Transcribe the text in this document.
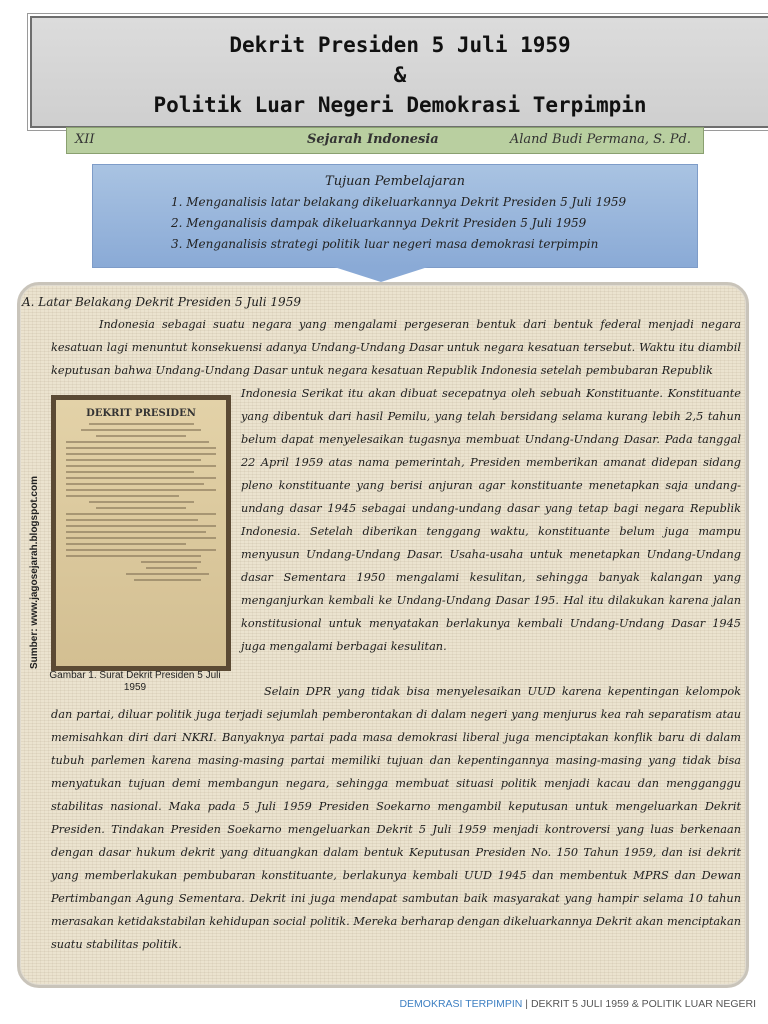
Dekrit Presiden 5 Juli 1959
&
Politik Luar Negeri Demokrasi Terpimpin
XII	Sejarah Indonesia	Aland Budi Permana, S. Pd.
Tujuan Pembelajaran
1. Menganalisis latar belakang dikeluarkannya Dekrit Presiden 5 Juli 1959
2. Menganalisis dampak dikeluarkannya Dekrit Presiden 5 Juli 1959
3. Menganalisis strategi politik luar negeri masa demokrasi terpimpin

A. Latar Belakang Dekrit Presiden 5 Juli 1959

Indonesia sebagai suatu negara yang mengalami pergeseran bentuk dari bentuk federal menjadi negara kesatuan lagi menuntut konsekuensi adanya Undang-Undang Dasar untuk negara kesatuan tersebut. Waktu itu diambil keputusan bahwa Undang-Undang Dasar untuk negara kesatuan Republik Indonesia setelah pembubaran Republik

DEKRIT PRESIDEN

Indonesia Serikat itu akan dibuat secepatnya oleh sebuah Konstituante. Konstituante yang dibentuk dari hasil Pemilu, yang telah bersidang selama kurang lebih 2,5 tahun belum dapat menyelesaikan tugasnya membuat Undang-Undang Dasar. Pada tanggal 22 April 1959 atas nama pemerintah, Presiden memberikan amanat didepan sidang pleno konstituante yang berisi anjuran agar konstituante menetapkan saja undang-undang dasar 1945 sebagai undang-undang dasar yang tetap bagi negara Republik Indonesia. Setelah diberikan tenggang waktu, konstituante belum juga mampu menyusun Undang-Undang Dasar. Usaha-usaha untuk menetapkan Undang-Undang dasar Sementara 1950 mengalami kesulitan, sehingga banyak kalangan yang menganjurkan kembali ke Undang-Undang Dasar 195. Hal itu dilakukan karena jalan konstitusional untuk menyatakan berlakunya kembali Undang-Undang Dasar 1945 juga mengalami berbagai kesulitan.

Gambar 1. Surat Dekrit Presiden 5 Juli 1959
Sumber: www.jagosejarah.blogspot.com

Selain DPR yang tidak bisa menyelesaikan UUD karena kepentingan kelompok dan partai, diluar politik juga terjadi sejumlah pemberontakan di dalam negeri yang menjurus kea rah separatism atau memisahkan diri dari NKRI. Banyaknya partai pada masa demokrasi liberal juga menciptakan konflik baru di dalam tubuh parlemen karena masing-masing partai memiliki tujuan dan kepentingannya masing-masing yang tidak bisa menyatukan tujuan demi membangun negara, sehingga membuat situasi politik menjadi kacau dan mengganggu stabilitas nasional. Maka pada 5 Juli 1959 Presiden Soekarno mengambil keputusan untuk mengeluarkan Dekrit Presiden. Tindakan Presiden Soekarno mengeluarkan Dekrit 5 Juli 1959 menjadi kontroversi yang luas berkenaan dengan dasar hukum dekrit yang dituangkan dalam bentuk Keputusan Presiden No. 150 Tahun 1959, dan isi dekrit yang memberlakukan pembubaran konstituante, berlakunya kembali UUD 1945 dan membentuk MPRS dan Dewan Pertimbangan Agung Sementara. Dekrit ini juga mendapat sambutan baik masyarakat yang hampir selama 10 tahun merasakan ketidakstabilan kehidupan social politik. Mereka berharap dengan dikeluarkannya Dekrit akan menciptakan suatu stabilitas politik.

DEMOKRASI TERPIMPIN | DEKRIT 5 JULI 1959 & POLITIK LUAR NEGERI
